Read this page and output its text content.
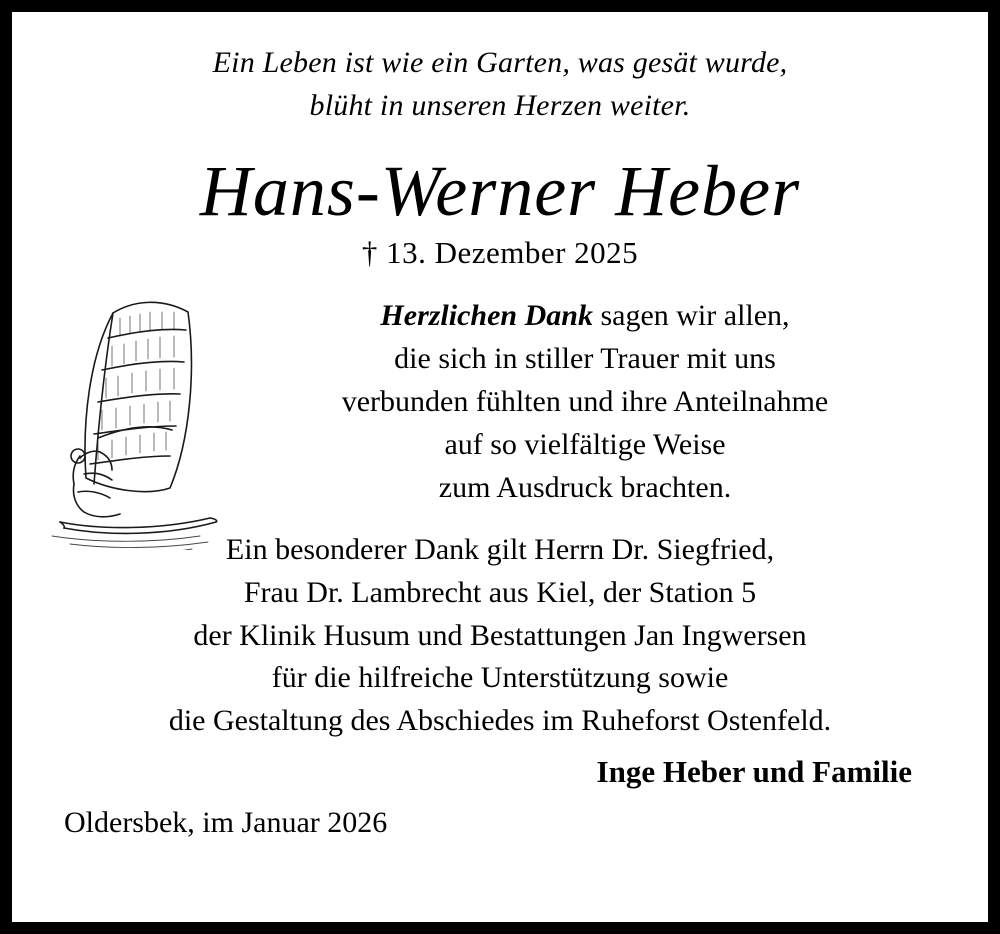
Ein Leben ist wie ein Garten, was gesät wurde,
blüht in unseren Herzen weiter.
Hans-Werner Heber
† 13. Dezember 2025
Herzlichen Dank sagen wir allen,
die sich in stiller Trauer mit uns
verbunden fühlten und ihre Anteilnahme
auf so vielfältige Weise
zum Ausdruck brachten.
Ein besonderer Dank gilt Herrn Dr. Siegfried,
Frau Dr. Lambrecht aus Kiel, der Station 5
der Klinik Husum und Bestattungen Jan Ingwersen
für die hilfreiche Unterstützung sowie
die Gestaltung des Abschiedes im Ruheforst Ostenfeld.
Inge Heber und Familie
Oldersbek, im Januar 2026
